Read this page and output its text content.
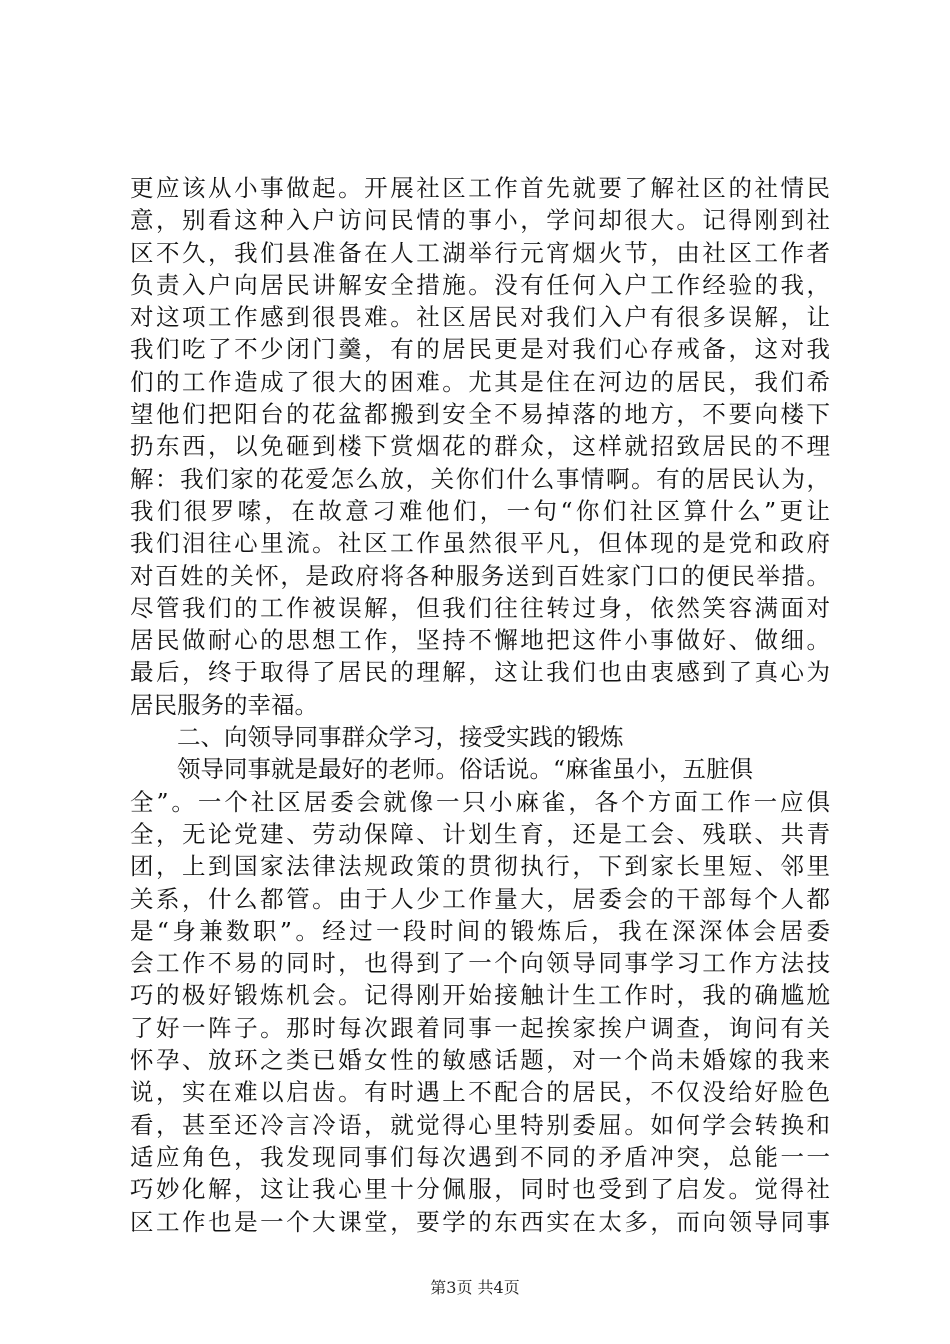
更应该从小事做起。开展社区工作首先就要了解社区的社情民
意，别看这种入户访问民情的事小，学问却很大。记得刚到社
区不久，我们县准备在人工湖举行元宵烟火节，由社区工作者
负责入户向居民讲解安全措施。没有任何入户工作经验的我，
对这项工作感到很畏难。社区居民对我们入户有很多误解，让
我们吃了不少闭门羹，有的居民更是对我们心存戒备，这对我
们的工作造成了很大的困难。尤其是住在河边的居民，我们希
望他们把阳台的花盆都搬到安全不易掉落的地方，不要向楼下
扔东西，以免砸到楼下赏烟花的群众，这样就招致居民的不理
解：我们家的花爱怎么放，关你们什么事情啊。有的居民认为，
我们很罗嗦，在故意刁难他们，一句“你们社区算什么”更让
我们泪往心里流。社区工作虽然很平凡，但体现的是党和政府
对百姓的关怀，是政府将各种服务送到百姓家门口的便民举措。
尽管我们的工作被误解，但我们往往转过身，依然笑容满面对
居民做耐心的思想工作，坚持不懈地把这件小事做好、做细。
最后，终于取得了居民的理解，这让我们也由衷感到了真心为
居民服务的幸福。
二、向领导同事群众学习，接受实践的锻炼
领导同事就是最好的老师。俗话说。“麻雀虽小，五脏俱
全”。一个社区居委会就像一只小麻雀，各个方面工作一应俱
全，无论党建、劳动保障、计划生育，还是工会、残联、共青
团，上到国家法律法规政策的贯彻执行，下到家长里短、邻里
关系，什么都管。由于人少工作量大，居委会的干部每个人都
是“身兼数职”。经过一段时间的锻炼后，我在深深体会居委
会工作不易的同时，也得到了一个向领导同事学习工作方法技
巧的极好锻炼机会。记得刚开始接触计生工作时，我的确尴尬
了好一阵子。那时每次跟着同事一起挨家挨户调查，询问有关
怀孕、放环之类已婚女性的敏感话题，对一个尚未婚嫁的我来
说，实在难以启齿。有时遇上不配合的居民，不仅没给好脸色
看，甚至还冷言冷语，就觉得心里特别委屈。如何学会转换和
适应角色，我发现同事们每次遇到不同的矛盾冲突，总能一一
巧妙化解，这让我心里十分佩服，同时也受到了启发。觉得社
区工作也是一个大课堂，要学的东西实在太多，而向领导同事
第3页 共4页
